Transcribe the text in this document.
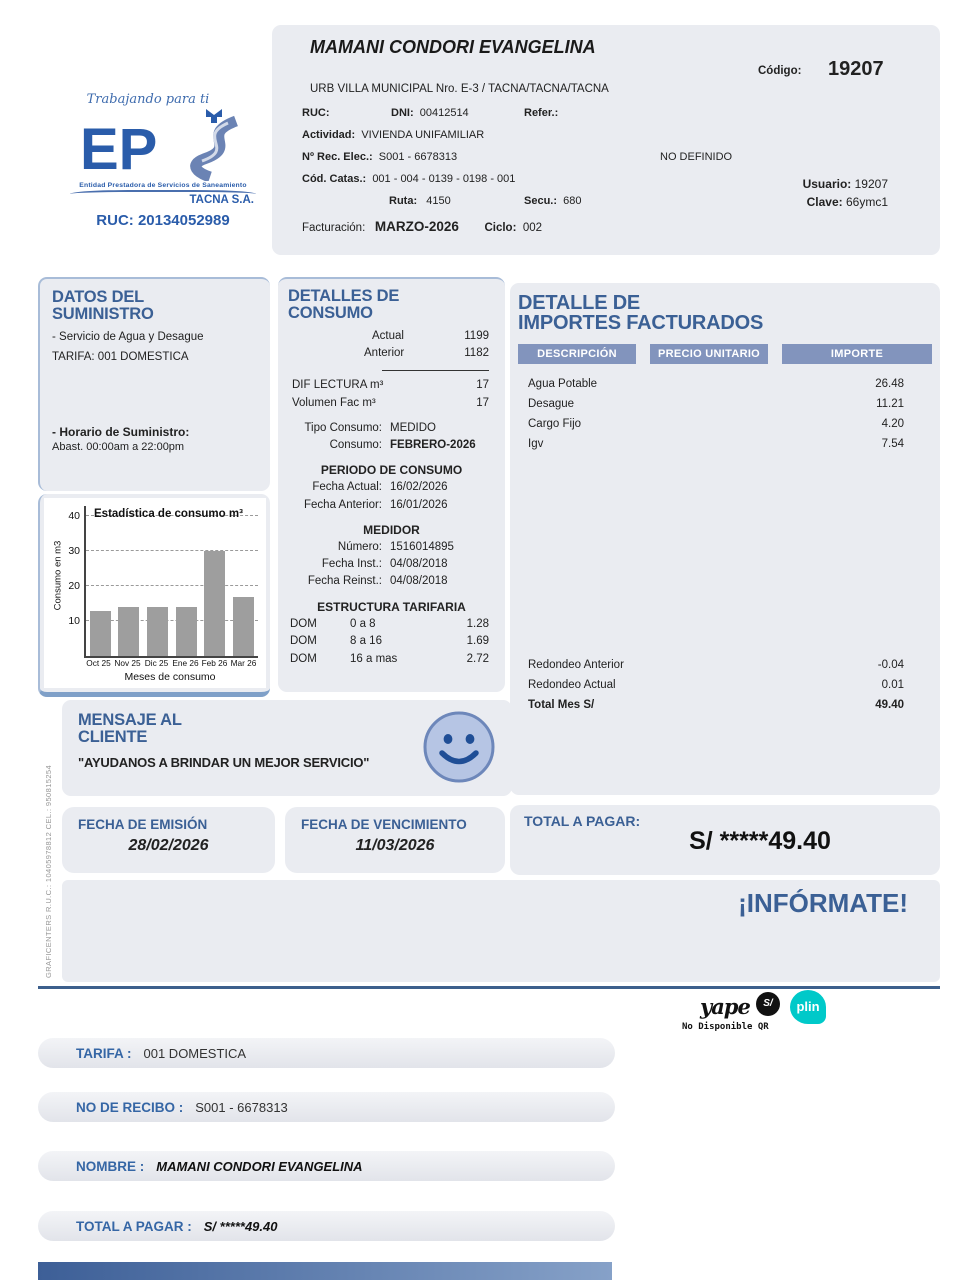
Trabajando para ti
EP
Entidad Prestadora de Servicios de Saneamiento
TACNA S.A.
RUC: 20134052989
MAMANI CONDORI EVANGELINA
Código: 19207
URB VILLA MUNICIPAL Nro. E-3 / TACNA/TACNA/TACNA
RUC:	DNI: 00412514	Refer.:
Actividad: VIVIENDA UNIFAMILIAR
Nº Rec. Elec.: S001 - 6678313	NO DEFINIDO
Cód. Catas.: 001 - 004 - 0139 - 0198 - 001
Ruta: 4150	Secu.: 680
Usuario: 19207
Clave: 66ymc1
Facturación: MARZO-2026 Ciclo: 002
DATOS DEL
SUMINISTRO
- Servicio de Agua y Desague
TARIFA: 001 DOMESTICA
- Horario de Suministro:
Abast. 00:00am a 22:00pm
Consumo en m3
Estadística de consumo m³
Oct 25 Nov 25 Dic 25 Ene 26 Feb 26 Mar 26
Meses de consumo
10
20
30
40
DETALLES DE
CONSUMO
Actual	1199
Anterior	1182
DIF LECTURA m³	17
Volumen Fac m³	17
Tipo Consumo: MEDIDO
Consumo: FEBRERO-2026
PERIODO DE CONSUMO
Fecha Actual: 16/02/2026
Fecha Anterior: 16/01/2026
MEDIDOR
Número: 1516014895
Fecha Inst.: 04/08/2018
Fecha Reinst.: 04/08/2018
ESTRUCTURA TARIFARIA
DOM	0 a 8	1.28
DOM	8 a 16	1.69
DOM	16 a mas	2.72
DETALLE DE
IMPORTES FACTURADOS
DESCRIPCIÓN	PRECIO UNITARIO	IMPORTE
Agua Potable	26.48
Desague	11.21
Cargo Fijo	4.20
Igv	7.54
Redondeo Anterior	-0.04
Redondeo Actual	0.01
Total Mes S/	49.40
MENSAJE AL
CLIENTE
"AYUDANOS A BRINDAR UN MEJOR SERVICIO"
FECHA DE EMISIÓN
28/02/2026
FECHA DE VENCIMIENTO
11/03/2026
TOTAL A PAGAR:
S/ *****49.40
¡INFÓRMATE!
yape	S/	plin
No Disponible QR
TARIFA : 001 DOMESTICA
NO DE RECIBO : S001 - 6678313
NOMBRE : MAMANI CONDORI EVANGELINA
TOTAL A PAGAR : S/ *****49.40
GRAFICENTERS R.U.C.: 10405978812 CEL.: 950815254
